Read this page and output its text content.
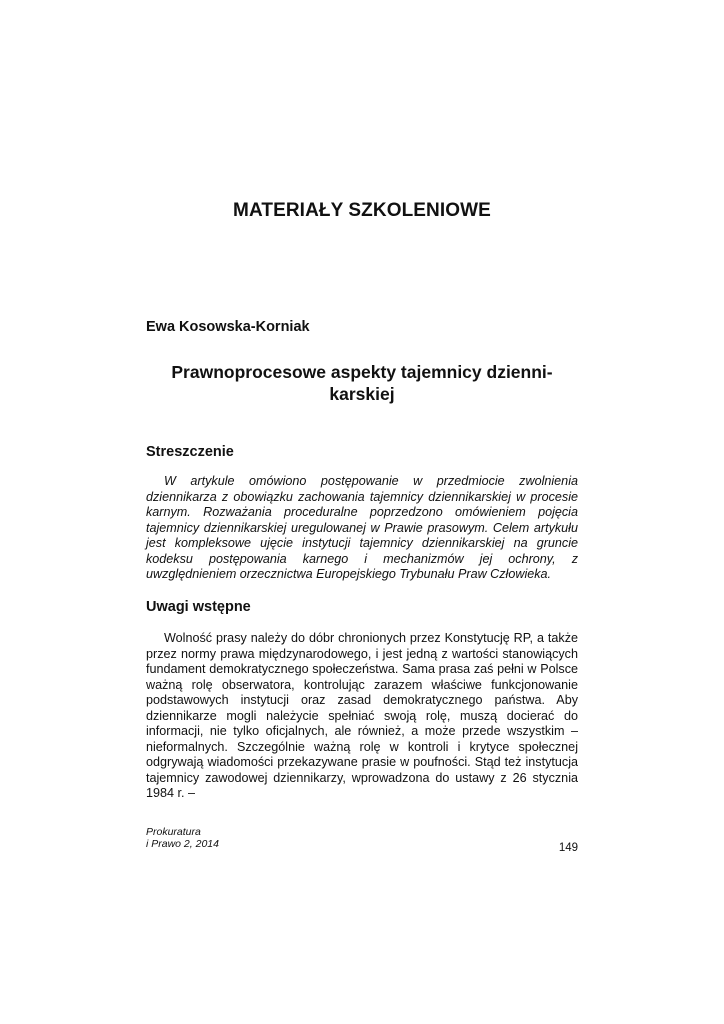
MATERIAŁY SZKOLENIOWE
Ewa Kosowska-Korniak
Prawnoprocesowe aspekty tajemnicy dzienni-
karskiej
Streszczenie

W artykule omówiono postępowanie w przedmiocie zwolnienia dziennikarza z obowiązku zachowania tajemnicy dziennikarskiej w procesie karnym. Rozważania proceduralne poprzedzono omówieniem pojęcia tajemnicy dziennikarskiej uregulowanej w Prawie prasowym. Celem artykułu jest kompleksowe ujęcie instytucji tajemnicy dziennikarskiej na gruncie kodeksu postępowania karnego i mechanizmów jej ochrony, z uwzględnieniem orzecznictwa Europejskiego Trybunału Praw Człowieka.

Uwagi wstępne

Wolność prasy należy do dóbr chronionych przez Konstytucję RP, a także przez normy prawa międzynarodowego, i jest jedną z wartości stanowiących fundament demokratycznego społeczeństwa. Sama prasa zaś pełni w Polsce ważną rolę obserwatora, kontrolując zarazem właściwe funkcjonowanie podstawowych instytucji oraz zasad demokratycznego państwa. Aby dziennikarze mogli należycie spełniać swoją rolę, muszą docierać do informacji, nie tylko oficjalnych, ale również, a może przede wszystkim – nieformalnych. Szczególnie ważną rolę w kontroli i krytyce społecznej odgrywają wiadomości przekazywane prasie w poufności. Stąd też instytucja tajemnicy zawodowej dziennikarzy, wprowadzona do ustawy z 26 stycznia 1984 r. –

Prokuratura
i Prawo 2, 2014	149
